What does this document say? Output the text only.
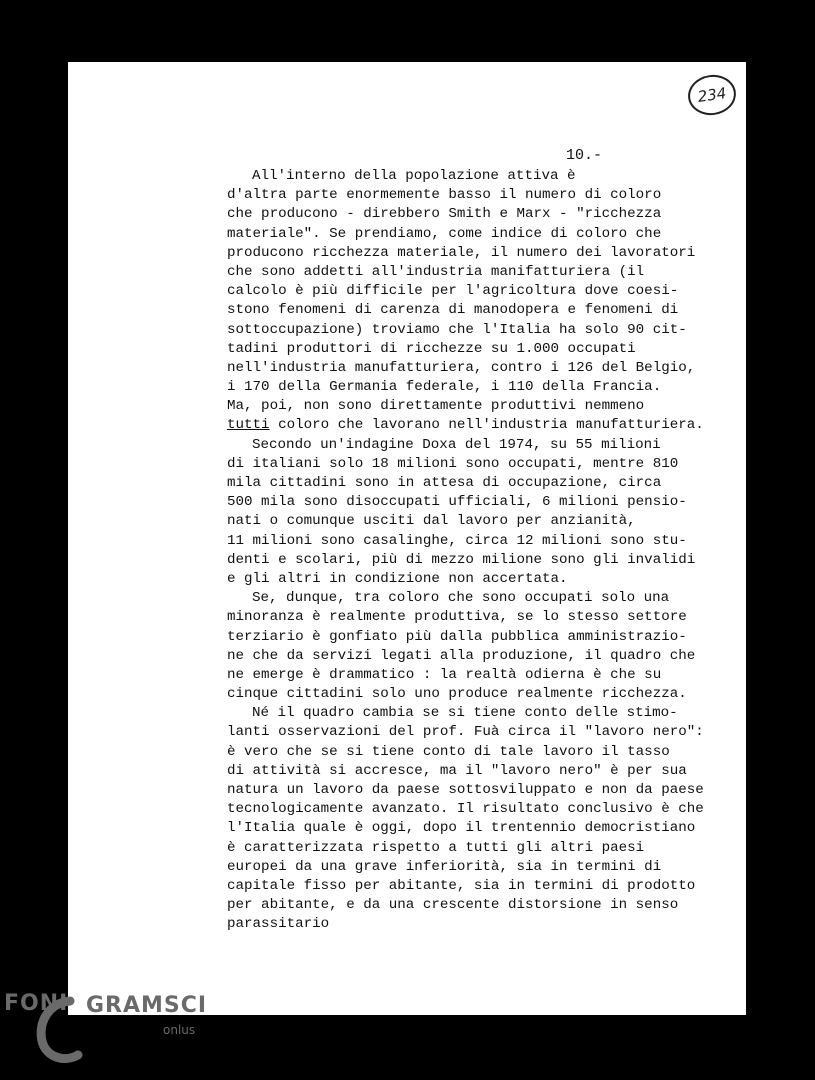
234
10.-
All'interno della popolazione attiva è
d'altra parte enormemente basso il numero di coloro
che producono - direbbero Smith e Marx - "ricchezza
materiale". Se prendiamo, come indice di coloro che
producono ricchezza materiale, il numero dei lavoratori
che sono addetti all'industria manifatturiera (il
calcolo è più difficile per l'agricoltura dove coesi-
stono fenomeni di carenza di manodopera e fenomeni di
sottoccupazione) troviamo che l'Italia ha solo 90 cit-
tadini produttori di ricchezze su 1.000 occupati
nell'industria manufatturiera, contro i 126 del Belgio,
i 170 della Germania federale, i 110 della Francia.
Ma, poi, non sono direttamente produttivi nemmeno
tutti coloro che lavorano nell'industria manufatturiera.
Secondo un'indagine Doxa del 1974, su 55 milioni
di italiani solo 18 milioni sono occupati, mentre 810
mila cittadini sono in attesa di occupazione, circa
500 mila sono disoccupati ufficiali, 6 milioni pensio-
nati o comunque usciti dal lavoro per anzianità,
11 milioni sono casalinghe, circa 12 milioni sono stu-
denti e scolari, più di mezzo milione sono gli invalidi
e gli altri in condizione non accertata.
Se, dunque, tra coloro che sono occupati solo una
minoranza è realmente produttiva, se lo stesso settore
terziario è gonfiato più dalla pubblica amministrazio-
ne che da servizi legati alla produzione, il quadro che
ne emerge è drammatico : la realtà odierna è che su
cinque cittadini solo uno produce realmente ricchezza.
Né il quadro cambia se si tiene conto delle stimo-
lanti osservazioni del prof. Fuà circa il "lavoro nero":
è vero che se si tiene conto di tale lavoro il tasso
di attività si accresce, ma il "lavoro nero" è per sua
natura un lavoro da paese sottosviluppato e non da paese
tecnologicamente avanzato. Il risultato conclusivo è che
l'Italia quale è oggi, dopo il trentennio democristiano
è caratterizzata rispetto a tutti gli altri paesi
europei da una grave inferiorità, sia in termini di
capitale fisso per abitante, sia in termini di prodotto
per abitante, e da una crescente distorsione in senso
parassitario
FONI GRAMSCI
onlus
